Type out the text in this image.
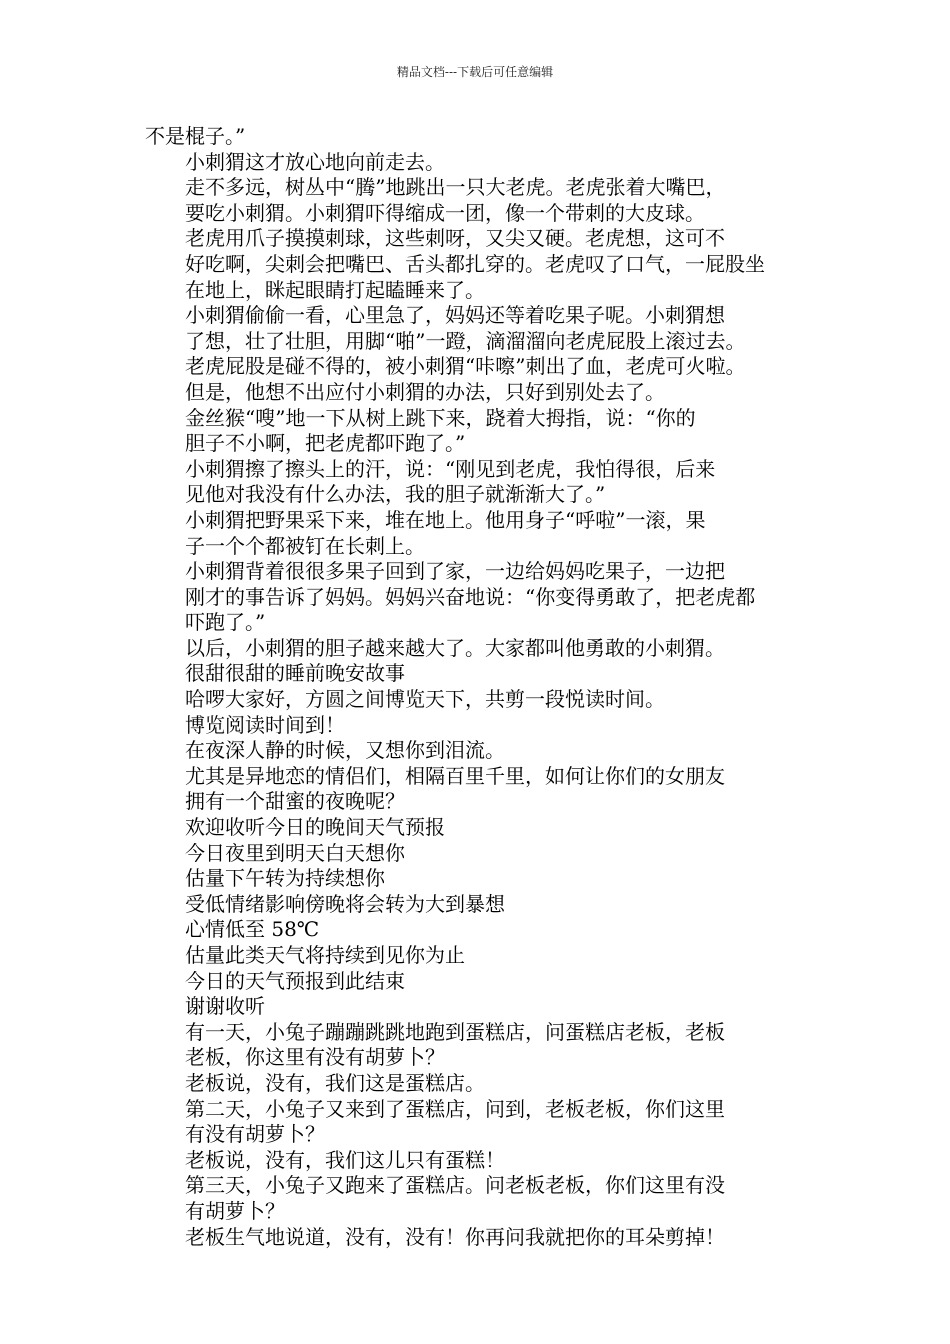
精品文档---下载后可任意编辑

不是棍子。”

小刺猬这才放心地向前走去。

走不多远，树丛中“腾”地跳出一只大老虎。老虎张着大嘴巴，
要吃小刺猬。小刺猬吓得缩成一团，像一个带刺的大皮球。

老虎用爪子摸摸刺球，这些刺呀，又尖又硬。老虎想，这可不
好吃啊，尖刺会把嘴巴、舌头都扎穿的。老虎叹了口气，一屁股坐
在地上，眯起眼睛打起瞌睡来了。

小刺猬偷偷一看，心里急了，妈妈还等着吃果子呢。小刺猬想
了想，壮了壮胆，用脚“啪”一蹬，滴溜溜向老虎屁股上滚过去。
老虎屁股是碰不得的，被小刺猬“咔嚓”刺出了血，老虎可火啦。
但是，他想不出应付小刺猬的办法，只好到别处去了。

金丝猴“嗖”地一下从树上跳下来，跷着大拇指，说：“你的
胆子不小啊，把老虎都吓跑了。”

小刺猬擦了擦头上的汗，说：“刚见到老虎，我怕得很，后来
见他对我没有什么办法，我的胆子就渐渐大了。”

小刺猬把野果采下来，堆在地上。他用身子“呼啦”一滚，果
子一个个都被钉在长刺上。

小刺猬背着很很多果子回到了家，一边给妈妈吃果子，一边把
刚才的事告诉了妈妈。妈妈兴奋地说：“你变得勇敢了，把老虎都
吓跑了。”

以后，小刺猬的胆子越来越大了。大家都叫他勇敢的小刺猬。

很甜很甜的睡前晚安故事

哈啰大家好，方圆之间博览天下，共剪一段悦读时间。

博览阅读时间到！

在夜深人静的时候，又想你到泪流。

尤其是异地恋的情侣们，相隔百里千里，如何让你们的女朋友
拥有一个甜蜜的夜晚呢？

欢迎收听今日的晚间天气预报

今日夜里到明天白天想你

估量下午转为持续想你

受低情绪影响傍晚将会转为大到暴想

心情低至 58℃

估量此类天气将持续到见你为止

今日的天气预报到此结束

谢谢收听

有一天，小兔子蹦蹦跳跳地跑到蛋糕店，问蛋糕店老板，老板
老板，你这里有没有胡萝卜？

老板说，没有，我们这是蛋糕店。

第二天，小兔子又来到了蛋糕店，问到，老板老板，你们这里
有没有胡萝卜？

老板说，没有，我们这儿只有蛋糕！

第三天，小兔子又跑来了蛋糕店。问老板老板，你们这里有没
有胡萝卜？

老板生气地说道，没有，没有！你再问我就把你的耳朵剪掉！
